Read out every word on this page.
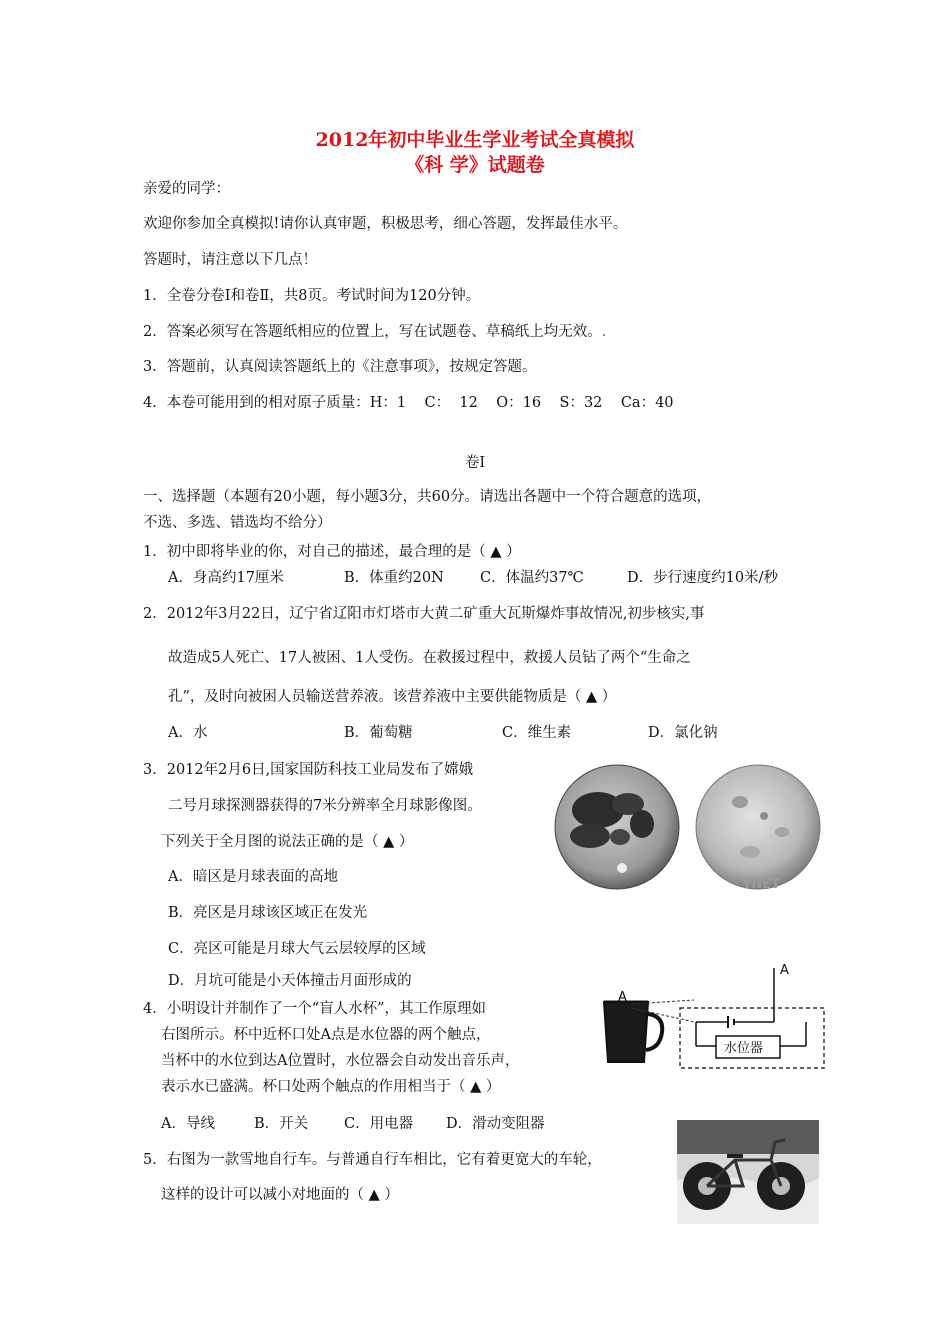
2012年初中毕业生学业考试全真模拟
《科 学》试题卷
亲爱的同学：
欢迎你参加全真模拟!请你认真审题，积极思考，细心答题，发挥最佳水平。
答题时，请注意以下几点！
1．全卷分卷Ⅰ和卷Ⅱ，共8页。考试时间为120分钟。
2．答案必须写在答题纸相应的位置上，写在试题卷、草稿纸上均无效。.
3．答题前，认真阅读答题纸上的《注意事项》，按规定答题。
4．本卷可能用到的相对原子质量：H：1    C：  12    O：16    S：32    Ca：40
卷Ⅰ
一、选择题（本题有20小题，每小题3分，共60分。请选出各题中一个符合题意的选项，
不选、多选、错选均不给分）
1．初中即将毕业的你，对自己的描述，最合理的是（ ▲ ）
A．身高约17厘米	B．体重约20N C．体温约37℃	D．步行速度约10米/秒
2．2012年3月22日，辽宁省辽阳市灯塔市大黄二矿重大瓦斯爆炸事故情况,初步核实,事
故造成5人死亡、17人被困、1人受伤。在救援过程中，救援人员钻了两个“生命之
孔”，及时向被困人员输送营养液。该营养液中主要供能物质是（ ▲ ）
A．水	B．葡萄糖	C．维生素	D．氯化钠
3．2012年2月6日,国家国防科技工业局发布了嫦娥
二号月球探测器获得的7米分辨率全月球影像图。
下列关于全月图的说法正确的是（ ▲ ）
A．暗区是月球表面的高地
B．亮区是月球该区域正在发光
C．亮区可能是月球大气云层较厚的区域
D．月坑可能是小天体撞击月面形成的
YNET
4．小明设计并制作了一个“盲人水杯”，其工作原理如
右图所示。杯中近杯口处A点是水位器的两个触点，
当杯中的水位到达A位置时，水位器会自动发出音乐声，
表示水已盛满。杯口处两个触点的作用相当于（ ▲ ）
A．导线	B．开关 C．用电器 D．滑动变阻器
A
A
水位器
5．右图为一款雪地自行车。与普通自行车相比，它有着更宽大的车轮，
这样的设计可以减小对地面的（ ▲ ）
